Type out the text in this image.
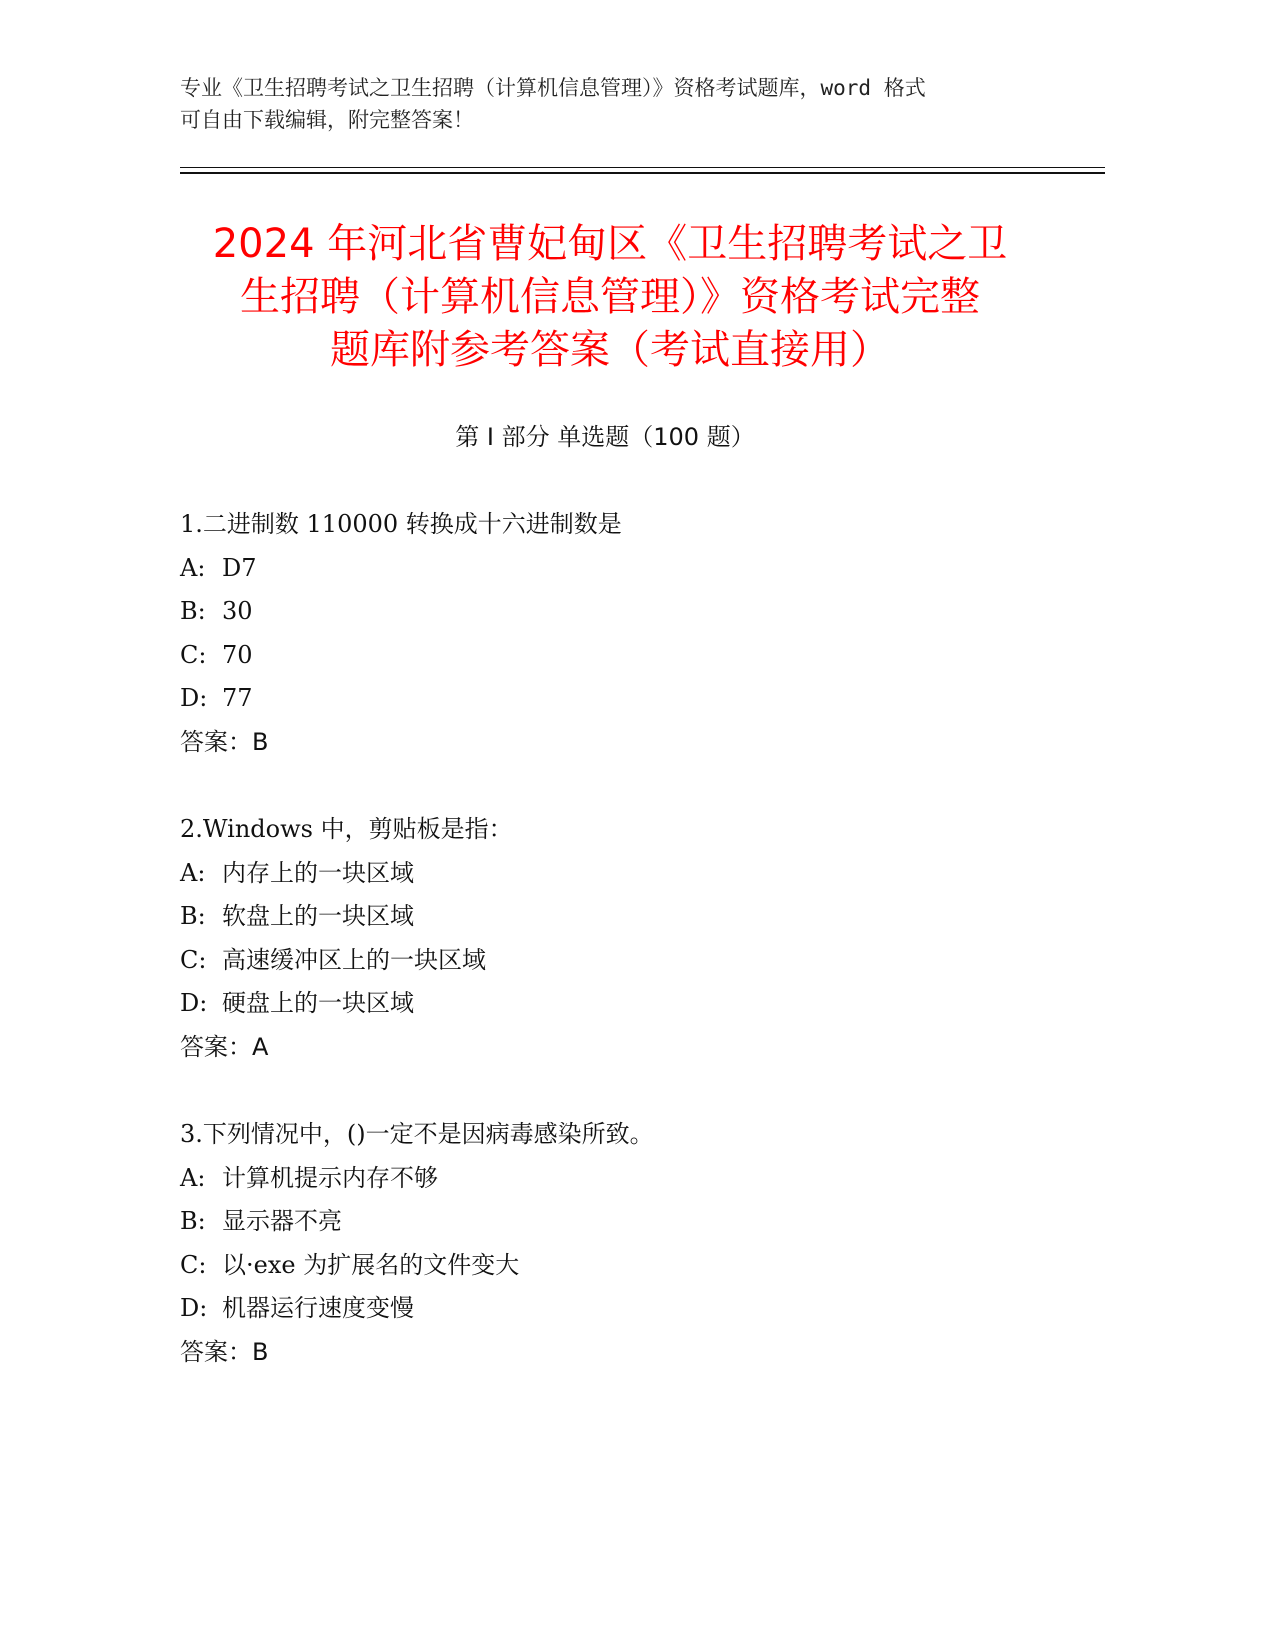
专业《卫生招聘考试之卫生招聘（计算机信息管理）》资格考试题库，word 格式
可自由下载编辑，附完整答案！
2024 年河北省曹妃甸区《卫生招聘考试之卫
生招聘（计算机信息管理）》资格考试完整
题库附参考答案（考试直接用）
第 I 部分 单选题（100 题）
1.二进制数 110000 转换成十六进制数是
A: D7
B: 30
C: 70
D: 77
答案：B
2.Windows 中，剪贴板是指：
A: 内存上的一块区域
B: 软盘上的一块区域
C: 高速缓冲区上的一块区域
D: 硬盘上的一块区域
答案：A
3.下列情况中，()一定不是因病毒感染所致。
A: 计算机提示内存不够
B: 显示器不亮
C: 以·exe 为扩展名的文件变大
D: 机器运行速度变慢
答案：B
